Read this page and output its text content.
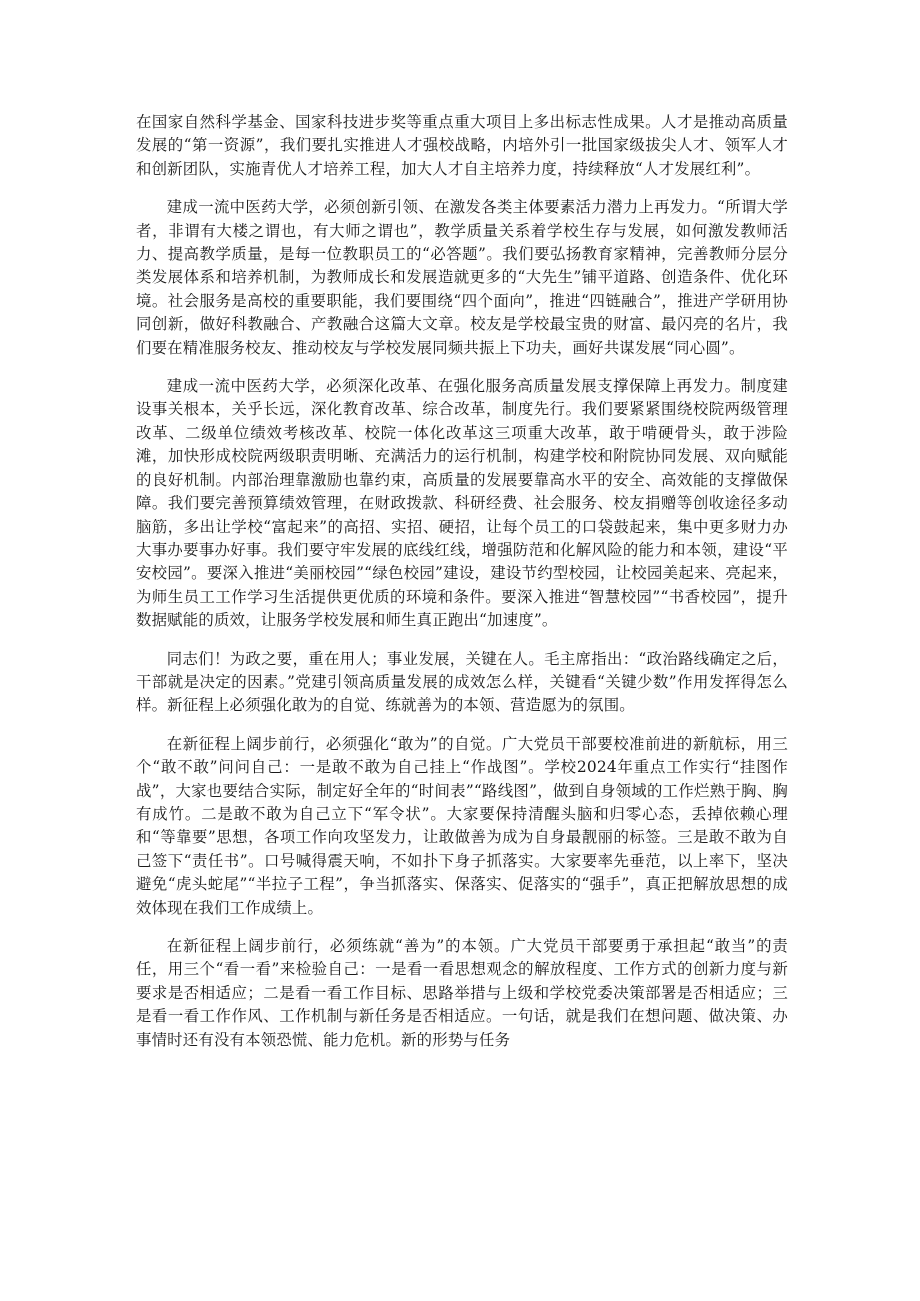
在国家自然科学基金、国家科技进步奖等重点重大项目上多出标志性成果。人才是推动高质量发展的“第一资源”，我们要扎实推进人才强校战略，内培外引一批国家级拔尖人才、领军人才和创新团队，实施青优人才培养工程，加大人才自主培养力度，持续释放“人才发展红利”。

建成一流中医药大学，必须创新引领、在激发各类主体要素活力潜力上再发力。“所谓大学者，非谓有大楼之谓也，有大师之谓也”，教学质量关系着学校生存与发展，如何激发教师活力、提高教学质量，是每一位教职员工的“必答题”。我们要弘扬教育家精神，完善教师分层分类发展体系和培养机制，为教师成长和发展造就更多的“大先生”铺平道路、创造条件、优化环境。社会服务是高校的重要职能，我们要围绕“四个面向”，推进“四链融合”，推进产学研用协同创新，做好科教融合、产教融合这篇大文章。校友是学校最宝贵的财富、最闪亮的名片，我们要在精准服务校友、推动校友与学校发展同频共振上下功夫，画好共谋发展“同心圆”。

建成一流中医药大学，必须深化改革、在强化服务高质量发展支撑保障上再发力。制度建设事关根本，关乎长远，深化教育改革、综合改革，制度先行。我们要紧紧围绕校院两级管理改革、二级单位绩效考核改革、校院一体化改革这三项重大改革，敢于啃硬骨头，敢于涉险滩，加快形成校院两级职责明晰、充满活力的运行机制，构建学校和附院协同发展、双向赋能的良好机制。内部治理靠激励也靠约束，高质量的发展要靠高水平的安全、高效能的支撑做保障。我们要完善预算绩效管理，在财政拨款、科研经费、社会服务、校友捐赠等创收途径多动脑筋，多出让学校“富起来”的高招、实招、硬招，让每个员工的口袋鼓起来，集中更多财力办大事办要事办好事。我们要守牢发展的底线红线，增强防范和化解风险的能力和本领，建设“平安校园”。要深入推进“美丽校园”“绿色校园”建设，建设节约型校园，让校园美起来、亮起来，为师生员工工作学习生活提供更优质的环境和条件。要深入推进“智慧校园”“书香校园”，提升数据赋能的质效，让服务学校发展和师生真正跑出“加速度”。

同志们！为政之要，重在用人；事业发展，关键在人。毛主席指出：“政治路线确定之后，干部就是决定的因素。”党建引领高质量发展的成效怎么样，关键看“关键少数”作用发挥得怎么样。新征程上必须强化敢为的自觉、练就善为的本领、营造愿为的氛围。

在新征程上阔步前行，必须强化“敢为”的自觉。广大党员干部要校准前进的新航标，用三个“敢不敢”问问自己：一是敢不敢为自己挂上“作战图”。学校2024年重点工作实行“挂图作战”，大家也要结合实际，制定好全年的“时间表”“路线图”，做到自身领域的工作烂熟于胸、胸有成竹。二是敢不敢为自己立下“军令状”。大家要保持清醒头脑和归零心态，丢掉依赖心理和“等靠要”思想，各项工作向攻坚发力，让敢做善为成为自身最靓丽的标签。三是敢不敢为自己签下“责任书”。口号喊得震天响，不如扑下身子抓落实。大家要率先垂范，以上率下，坚决避免“虎头蛇尾”“半拉子工程”，争当抓落实、保落实、促落实的“强手”，真正把解放思想的成效体现在我们工作成绩上。

在新征程上阔步前行，必须练就“善为”的本领。广大党员干部要勇于承担起“敢当”的责任，用三个“看一看”来检验自己：一是看一看思想观念的解放程度、工作方式的创新力度与新要求是否相适应；二是看一看工作目标、思路举措与上级和学校党委决策部署是否相适应；三是看一看工作作风、工作机制与新任务是否相适应。一句话，就是我们在想问题、做决策、办事情时还有没有本领恐慌、能力危机。新的形势与任务
